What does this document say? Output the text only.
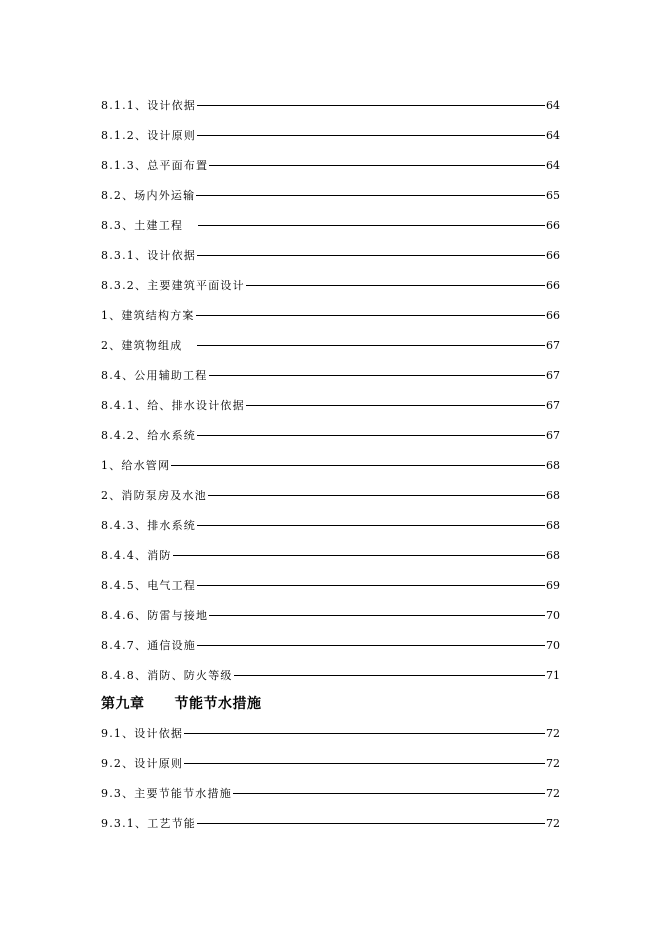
8.1.1、设计依据	64
8.1.2、设计原则	64
8.1.3、总平面布置	64
8.2、场内外运输	65
8.3、土建工程	66
8.3.1、设计依据	66
8.3.2、主要建筑平面设计	66
1、建筑结构方案	66
2、建筑物组成	67
8.4、公用辅助工程	67
8.4.1、给、排水设计依据	67
8.4.2、给水系统	67
1、给水管网	68
2、消防泵房及水池	68
8.4.3、排水系统	68
8.4.4、消防	68
8.4.5、电气工程	69
8.4.6、防雷与接地	70
8.4.7、通信设施	70
8.4.8、消防、防火等级	71
第九章 节能节水措施
9.1、设计依据	72
9.2、设计原则	72
9.3、主要节能节水措施	72
9.3.1、工艺节能	72
